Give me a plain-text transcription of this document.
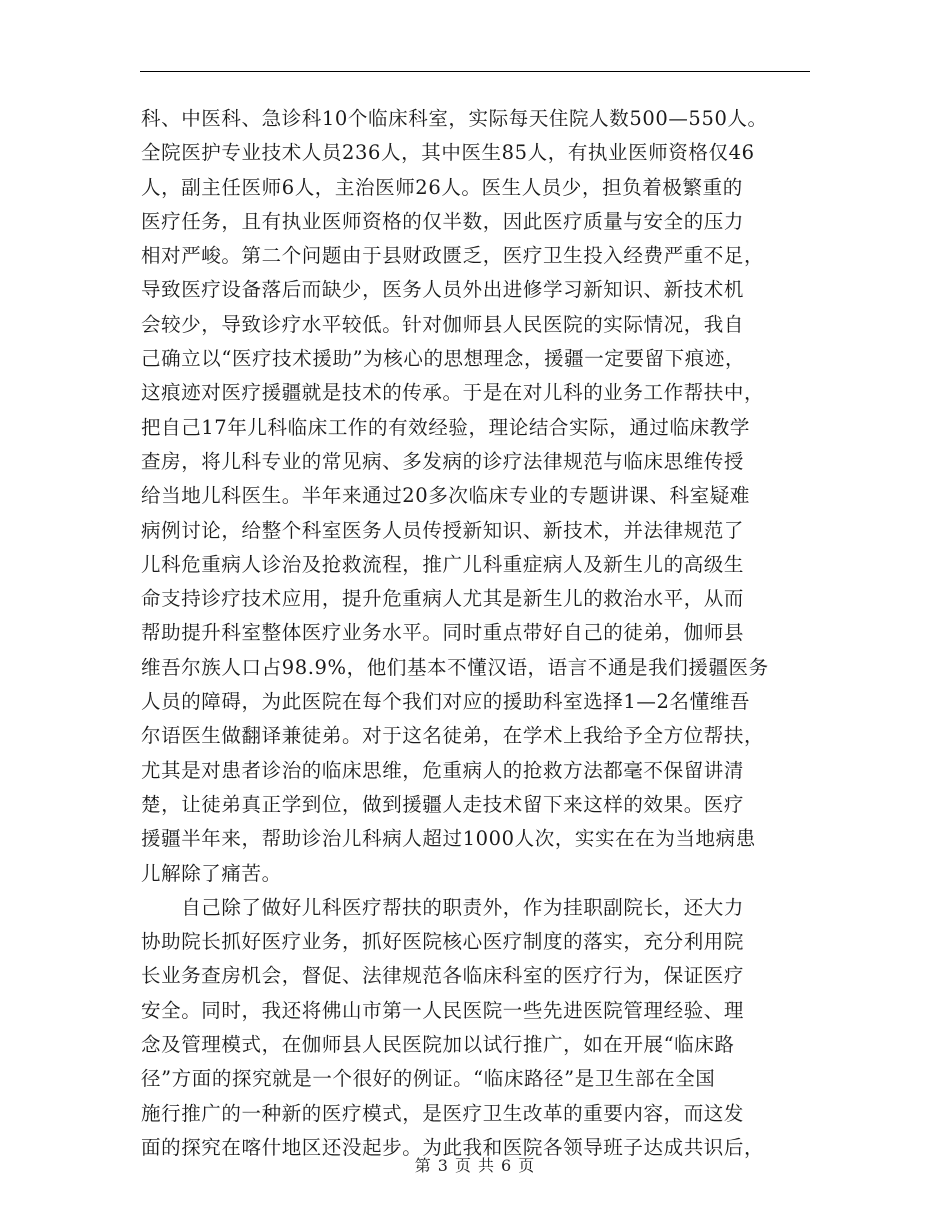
科、中医科、急诊科10个临床科室，实际每天住院人数500—550人。
全院医护专业技术人员236人，其中医生85人，有执业医师资格仅46
人，副主任医师6人，主治医师26人。医生人员少，担负着极繁重的
医疗任务，且有执业医师资格的仅半数，因此医疗质量与安全的压力
相对严峻。第二个问题由于县财政匮乏，医疗卫生投入经费严重不足，
导致医疗设备落后而缺少，医务人员外出进修学习新知识、新技术机
会较少，导致诊疗水平较低。针对伽师县人民医院的实际情况，我自
己确立以“医疗技术援助”为核心的思想理念，援疆一定要留下痕迹，
这痕迹对医疗援疆就是技术的传承。于是在对儿科的业务工作帮扶中，
把自己17年儿科临床工作的有效经验，理论结合实际，通过临床教学
查房，将儿科专业的常见病、多发病的诊疗法律规范与临床思维传授
给当地儿科医生。半年来通过20多次临床专业的专题讲课、科室疑难
病例讨论，给整个科室医务人员传授新知识、新技术，并法律规范了
儿科危重病人诊治及抢救流程，推广儿科重症病人及新生儿的高级生
命支持诊疗技术应用，提升危重病人尤其是新生儿的救治水平，从而
帮助提升科室整体医疗业务水平。同时重点带好自己的徒弟，伽师县
维吾尔族人口占98.9%，他们基本不懂汉语，语言不通是我们援疆医务
人员的障碍，为此医院在每个我们对应的援助科室选择1—2名懂维吾
尔语医生做翻译兼徒弟。对于这名徒弟，在学术上我给予全方位帮扶，
尤其是对患者诊治的临床思维，危重病人的抢救方法都毫不保留讲清
楚，让徒弟真正学到位，做到援疆人走技术留下来这样的效果。医疗
援疆半年来，帮助诊治儿科病人超过1000人次，实实在在为当地病患
儿解除了痛苦。
　　自己除了做好儿科医疗帮扶的职责外，作为挂职副院长，还大力
协助院长抓好医疗业务，抓好医院核心医疗制度的落实，充分利用院
长业务查房机会，督促、法律规范各临床科室的医疗行为，保证医疗
安全。同时，我还将佛山市第一人民医院一些先进医院管理经验、理
念及管理模式，在伽师县人民医院加以试行推广，如在开展“临床路
径”方面的探究就是一个很好的例证。“临床路径”是卫生部在全国
施行推广的一种新的医疗模式，是医疗卫生改革的重要内容，而这发
面的探究在喀什地区还没起步。为此我和医院各领导班子达成共识后，
第 3 页 共 6 页
